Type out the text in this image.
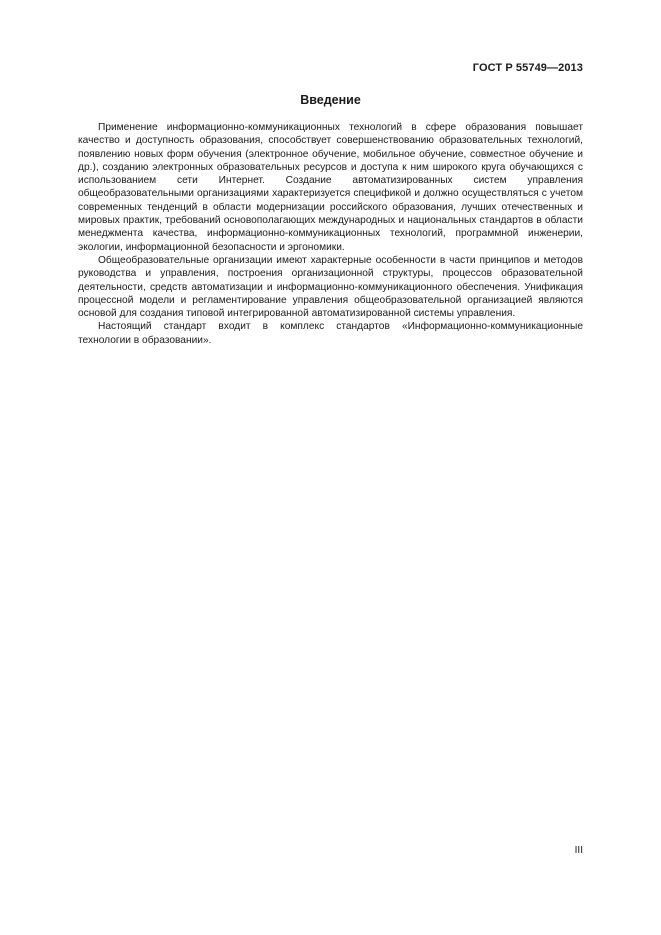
ГОСТ Р 55749—2013
Введение

Применение информационно-коммуникационных технологий в сфере образования повышает качество и доступность образования, способствует совершенствованию образовательных технологий, появлению новых форм обучения (электронное обучение, мобильное обучение, совместное обучение и др.), созданию электронных образовательных ресурсов и доступа к ним широкого круга обучающихся с использованием сети Интернет. Создание автоматизированных систем управления общеобразовательными организациями характеризуется спецификой и должно осуществляться с учетом современных тенденций в области модернизации российского образования, лучших отечественных и мировых практик, требований основополагающих международных и национальных стандартов в области менеджмента качества, информационно-коммуникационных технологий, программной инженерии, экологии, информационной безопасности и эргономики.

Общеобразовательные организации имеют характерные особенности в части принципов и методов руководства и управления, построения организационной структуры, процессов образовательной деятельности, средств автоматизации и информационно-коммуникационного обеспечения. Унификация процессной модели и регламентирование управления общеобразовательной организацией являются основой для создания типовой интегрированной автоматизированной системы управления.

Настоящий стандарт входит в комплекс стандартов «Информационно-коммуникационные технологии в образовании».

III
